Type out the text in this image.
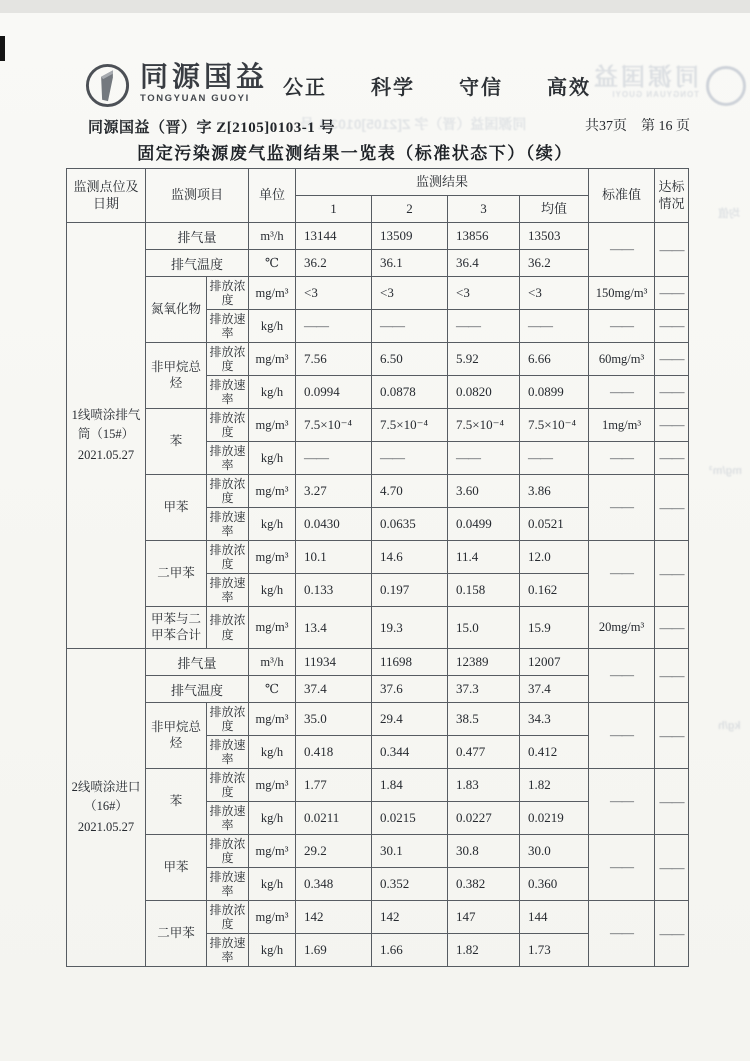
同源国益
TONGYUAN GUOYI
均值
mg/m³
kg/h
同源国益
TONGYUAN GUOYI	公正 科学 守信 高效
同源国益（晋）字 Z[2105]0103-1 号	共37页 第 16 页
固定污染源废气监测结果一览表（标准状态下）（续）
监测点位及日期	监测项目		单位	监测结果				标准值	达标情况
				1	2	3	均值		

1线喷涂排气筒（15#）
2021.05.27	排气量		m³/h	13144	13509	13856	13503	——	——
	排气温度		℃	36.2	36.1	36.4	36.2		
	氮氧化物	排放浓度	mg/m³	<3	<3	<3	<3	150mg/m³	——
		排放速率	kg/h	——	——	——	——	——	——
	非甲烷总烃	排放浓度	mg/m³	7.56	6.50	5.92	6.66	60mg/m³	——
		排放速率	kg/h	0.0994	0.0878	0.0820	0.0899	——	——
	苯	排放浓度	mg/m³	7.5×10⁻⁴	7.5×10⁻⁴	7.5×10⁻⁴	7.5×10⁻⁴	1mg/m³	——
		排放速率	kg/h	——	——	——	——	——	——
	甲苯	排放浓度	mg/m³	3.27	4.70	3.60	3.86	——	——
		排放速率	kg/h	0.0430	0.0635	0.0499	0.0521		
	二甲苯	排放浓度	mg/m³	10.1	14.6	11.4	12.0	——	——
		排放速率	kg/h	0.133	0.197	0.158	0.162		
	甲苯与二甲苯合计	排放浓度	mg/m³	13.4	19.3	15.0	15.9	20mg/m³	——

2线喷涂进口（16#）
2021.05.27	排气量		m³/h	11934	11698	12389	12007	——	——
	排气温度		℃	37.4	37.6	37.3	37.4		
	非甲烷总烃	排放浓度	mg/m³	35.0	29.4	38.5	34.3	——	——
		排放速率	kg/h	0.418	0.344	0.477	0.412		
	苯	排放浓度	mg/m³	1.77	1.84	1.83	1.82	——	——
		排放速率	kg/h	0.0211	0.0215	0.0227	0.0219		
	甲苯	排放浓度	mg/m³	29.2	30.1	30.8	30.0	——	——
		排放速率	kg/h	0.348	0.352	0.382	0.360		
	二甲苯	排放浓度	mg/m³	142	142	147	144	——	——
		排放速率	kg/h	1.69	1.66	1.82	1.73		
